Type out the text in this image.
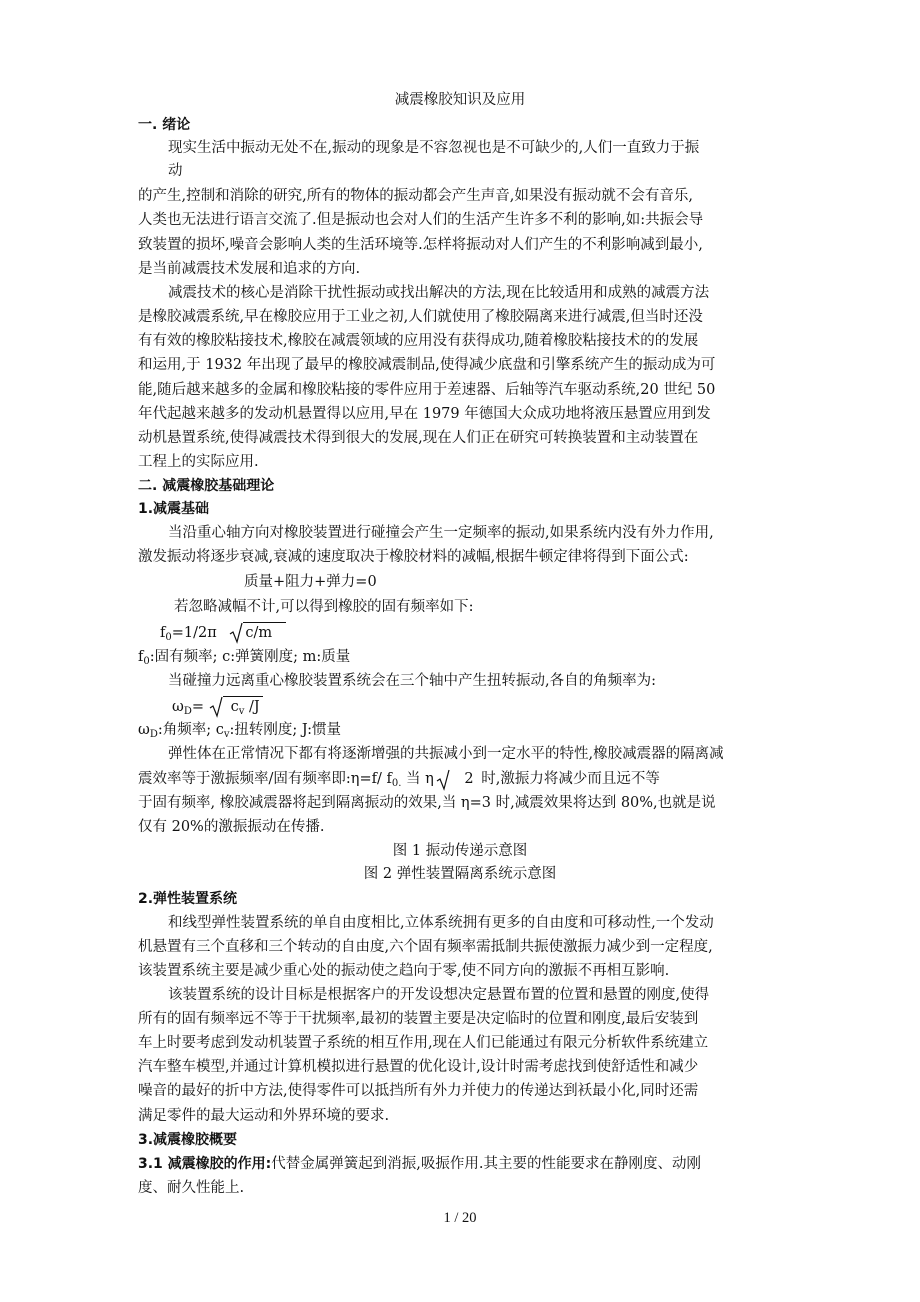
减震橡胶知识及应用
一. 绪论
现实生活中振动无处不在,振动的现象是不容忽视也是不可缺少的,人们一直致力于振
动
的产生,控制和消除的研究,所有的物体的振动都会产生声音,如果没有振动就不会有音乐,
人类也无法进行语言交流了.但是振动也会对人们的生活产生许多不利的影响,如:共振会导
致装置的损坏,噪音会影响人类的生活环境等.怎样将振动对人们产生的不利影响减到最小,
是当前减震技术发展和追求的方向.
减震技术的核心是消除干扰性振动或找出解决的方法,现在比较适用和成熟的减震方法
是橡胶减震系统,早在橡胶应用于工业之初,人们就使用了橡胶隔离来进行减震,但当时还没
有有效的橡胶粘接技术,橡胶在减震领域的应用没有获得成功,随着橡胶粘接技术的的发展
和运用,于 1932 年出现了最早的橡胶减震制品,使得减少底盘和引擎系统产生的振动成为可
能,随后越来越多的金属和橡胶粘接的零件应用于差速器、后轴等汽车驱动系统,20 世纪 50
年代起越来越多的发动机悬置得以应用,早在 1979 年德国大众成功地将液压悬置应用到发
动机悬置系统,使得减震技术得到很大的发展,现在人们正在研究可转换装置和主动装置在
工程上的实际应用.
二. 减震橡胶基础理论
1.减震基础
当沿重心轴方向对橡胶装置进行碰撞会产生一定频率的振动,如果系统内没有外力作用,
激发振动将逐步衰减,衰减的速度取决于橡胶材料的减幅,根据牛顿定律将得到下面公式:
质量+阻力+弹力=0
若忽略减幅不计,可以得到橡胶的固有频率如下:
$f_0=1/2\pi$ c/m
$f_0$:固有频率; c:弹簧刚度; m:质量
当碰撞力远离重心橡胶装置系统会在三个轴中产生扭转振动,各自的角频率为:
$\omega_D= c_v$ /J
$\omega_D$:角频率; $c_v$:扭转刚度; J:惯量
弹性体在正常情况下都有将逐渐增强的共振减小到一定水平的特性,橡胶减震器的隔离减
震效率等于激振频率/固有频率即:η=f/ $f_{0.}$ 当 η 2 时,激振力将减少而且远不等
于固有频率, 橡胶减震器将起到隔离振动的效果,当 η=3 时,减震效果将达到 80%,也就是说
仅有 20%的激振振动在传播.
图 1 振动传递示意图
图 2 弹性装置隔离系统示意图
2.弹性装置系统
和线型弹性装置系统的单自由度相比,立体系统拥有更多的自由度和可移动性,一个发动
机悬置有三个直移和三个转动的自由度,六个固有频率需抵制共振使激振力减少到一定程度,
该装置系统主要是减少重心处的振动使之趋向于零,使不同方向的激振不再相互影响.
该装置系统的设计目标是根据客户的开发设想决定悬置布置的位置和悬置的刚度,使得
所有的固有频率远不等于干扰频率,最初的装置主要是决定临时的位置和刚度,最后安装到
车上时要考虑到发动机装置子系统的相互作用,现在人们已能通过有限元分析软件系统建立
汽车整车模型,并通过计算机模拟进行悬置的优化设计,设计时需考虑找到使舒适性和减少
噪音的最好的折中方法,使得零件可以抵挡所有外力并使力的传递达到袄最小化,同时还需
满足零件的最大运动和外界环境的要求.
3.减震橡胶概要
3.1 减震橡胶的作用:代替金属弹簧起到消振,吸振作用.其主要的性能要求在静刚度、动刚
度、耐久性能上.
1 / 20
